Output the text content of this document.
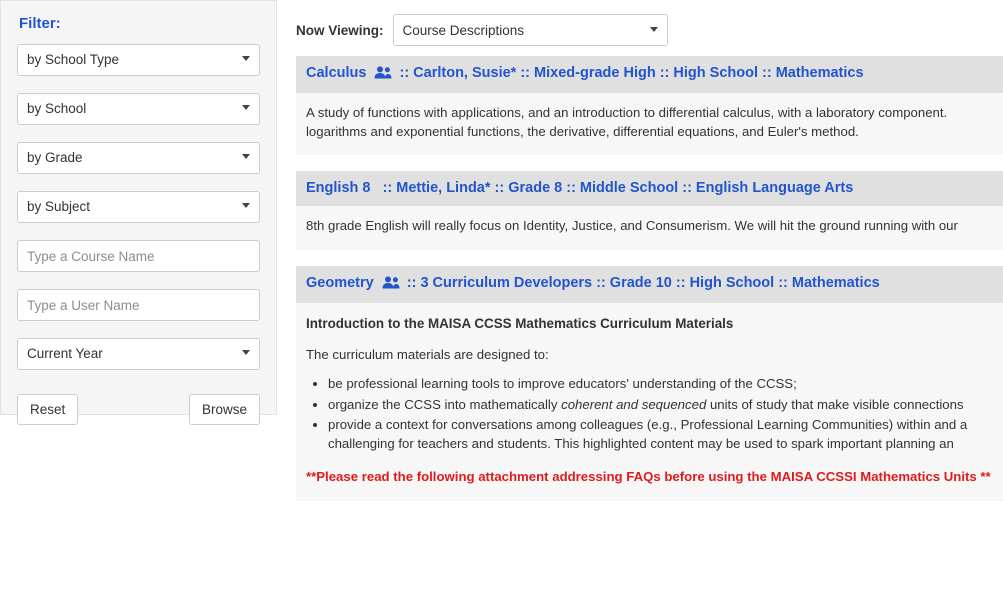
Filter:
by School Type
by School
by Grade
by Subject
Type a Course Name
Type a User Name
Current Year
Reset	Browse
Now Viewing:
Course Descriptions
Calculus :: Carlton, Susie* :: Mixed-grade High :: High School :: Mathematics

A study of functions with applications, and an introduction to differential calculus, with a laboratory component. logarithms and exponential functions, the derivative, differential equations, and Euler's method.

English 8 :: Mettie, Linda* :: Grade 8 :: Middle School :: English Language Arts

8th grade English will really focus on Identity, Justice, and Consumerism. We will hit the ground running with our

Geometry :: 3 Curriculum Developers :: Grade 10 :: High School :: Mathematics
Introduction to the MAISA CCSS Mathematics Curriculum Materials

The curriculum materials are designed to:

• be professional learning tools to improve educators' understanding of the CCSS;
• organize the CCSS into mathematically coherent and sequenced units of study that make visible connections
• provide a context for conversations among colleagues (e.g., Professional Learning Communities) within and a challenging for teachers and students. This highlighted content may be used to spark important planning an
**Please read the following attachment addressing FAQs before using the MAISA CCSSI Mathematics Units **
